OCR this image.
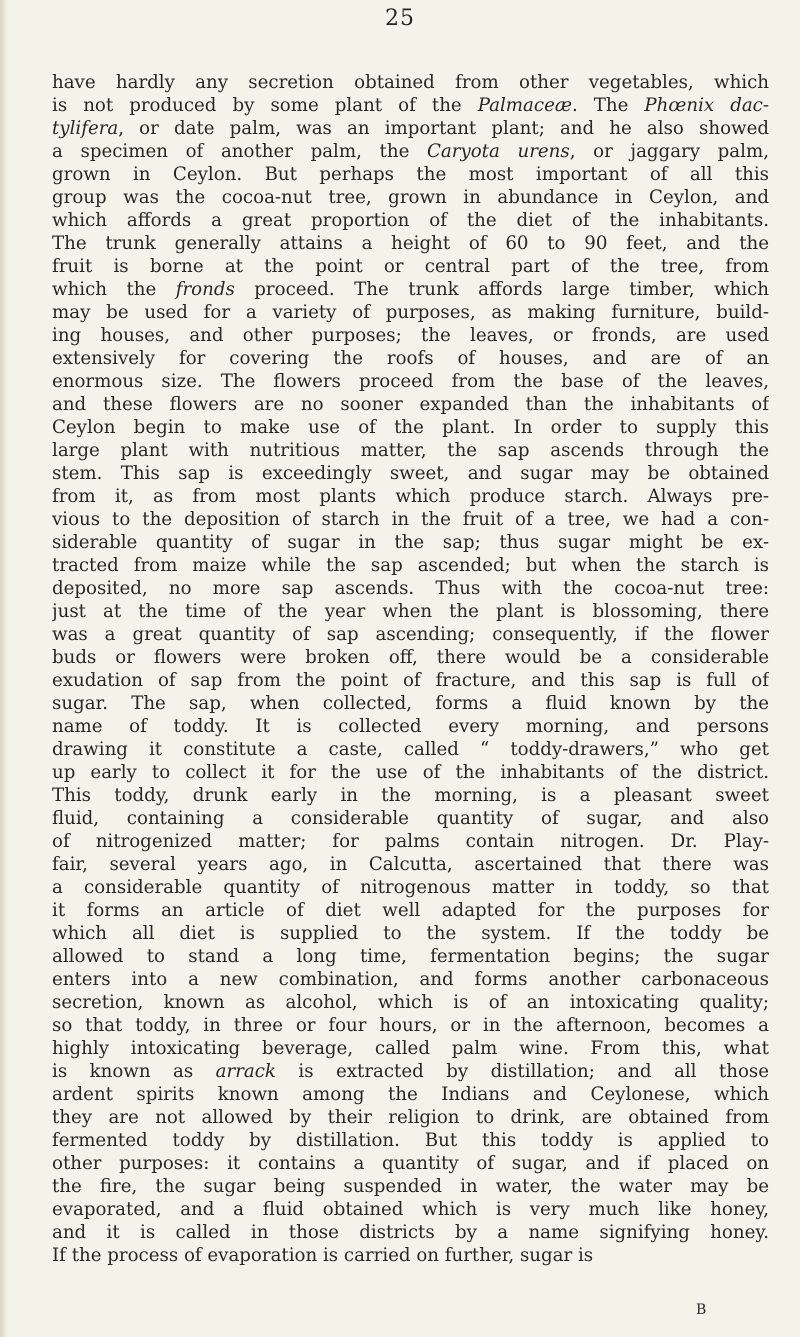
25
have hardly any secretion obtained from other vegetables, which
is not produced by some plant of the Palmaceæ. The Phœnix dac-
tylifera, or date palm, was an important plant; and he also showed
a specimen of another palm, the Caryota urens, or jaggary palm,
grown in Ceylon. But perhaps the most important of all this
group was the cocoa-nut tree, grown in abundance in Ceylon, and
which affords a great proportion of the diet of the inhabitants.
The trunk generally attains a height of 60 to 90 feet, and the
fruit is borne at the point or central part of the tree, from
which the fronds proceed. The trunk affords large timber, which
may be used for a variety of purposes, as making furniture, build-
ing houses, and other purposes; the leaves, or fronds, are used
extensively for covering the roofs of houses, and are of an
enormous size. The flowers proceed from the base of the leaves,
and these flowers are no sooner expanded than the inhabitants of
Ceylon begin to make use of the plant. In order to supply this
large plant with nutritious matter, the sap ascends through the
stem. This sap is exceedingly sweet, and sugar may be obtained
from it, as from most plants which produce starch. Always pre-
vious to the deposition of starch in the fruit of a tree, we had a con-
siderable quantity of sugar in the sap; thus sugar might be ex-
tracted from maize while the sap ascended; but when the starch is
deposited, no more sap ascends. Thus with the cocoa-nut tree:
just at the time of the year when the plant is blossoming, there
was a great quantity of sap ascending; consequently, if the flower
buds or flowers were broken off, there would be a considerable
exudation of sap from the point of fracture, and this sap is full of
sugar. The sap, when collected, forms a fluid known by the
name of toddy. It is collected every morning, and persons
drawing it constitute a caste, called “ toddy-drawers,” who get
up early to collect it for the use of the inhabitants of the district.
This toddy, drunk early in the morning, is a pleasant sweet
fluid, containing a considerable quantity of sugar, and also
of nitrogenized matter; for palms contain nitrogen. Dr. Play-
fair, several years ago, in Calcutta, ascertained that there was
a considerable quantity of nitrogenous matter in toddy, so that
it forms an article of diet well adapted for the purposes for
which all diet is supplied to the system. If the toddy be
allowed to stand a long time, fermentation begins; the sugar
enters into a new combination, and forms another carbonaceous
secretion, known as alcohol, which is of an intoxicating quality;
so that toddy, in three or four hours, or in the afternoon, becomes a
highly intoxicating beverage, called palm wine. From this, what
is known as arrack is extracted by distillation; and all those
ardent spirits known among the Indians and Ceylonese, which
they are not allowed by their religion to drink, are obtained from
fermented toddy by distillation. But this toddy is applied to
other purposes: it contains a quantity of sugar, and if placed on
the fire, the sugar being suspended in water, the water may be
evaporated, and a fluid obtained which is very much like honey,
and it is called in those districts by a name signifying honey.
If the process of evaporation is carried on further, sugar is
B
